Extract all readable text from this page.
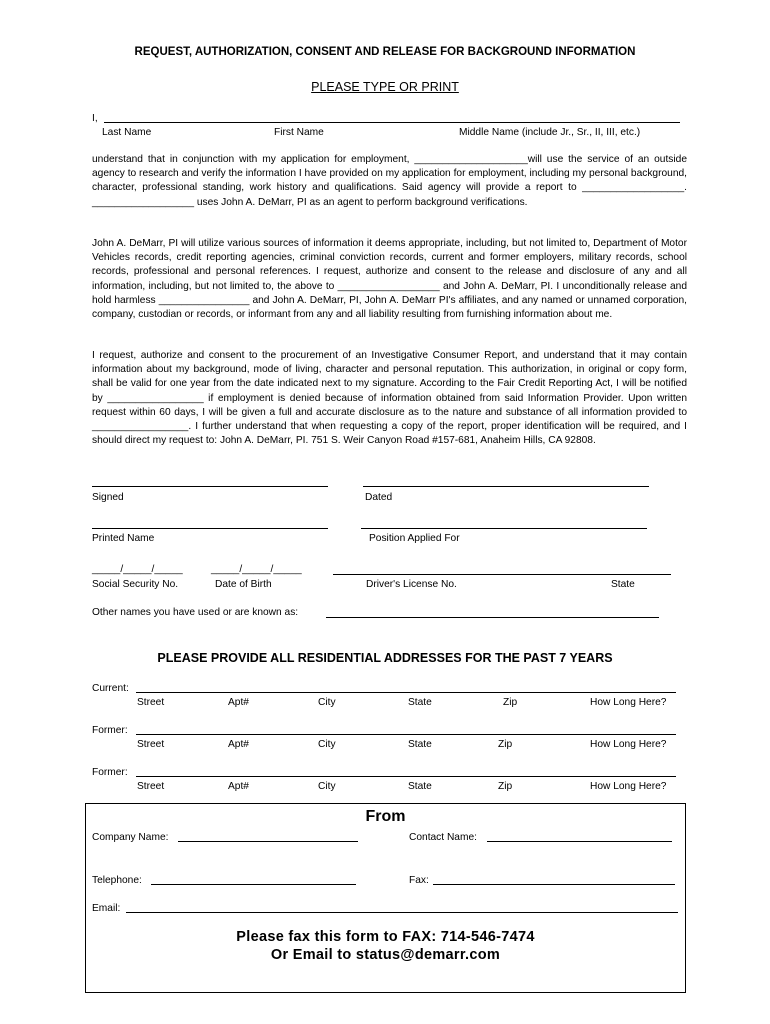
REQUEST, AUTHORIZATION, CONSENT AND RELEASE FOR BACKGROUND INFORMATION
PLEASE TYPE OR PRINT
I,
Last Name	First Name	Middle Name (include Jr., Sr., II, III, etc.)

understand that in conjunction with my application for employment, ____________________will use the service of an outside agency to research and verify the information I have provided on my application for employment, including my personal background, character, professional standing, work history and qualifications. Said agency will provide a report to __________________. __________________ uses John A. DeMarr, PI as an agent to perform background verifications.

John A. DeMarr, PI will utilize various sources of information it deems appropriate, including, but not limited to, Department of Motor Vehicles records, credit reporting agencies, criminal conviction records, current and former employers, military records, school records, professional and personal references. I request, authorize and consent to the release and disclosure of any and all information, including, but not limited to, the above to __________________ and John A. DeMarr, PI. I unconditionally release and hold harmless ________________ and John A. DeMarr, PI, John A. DeMarr PI's affiliates, and any named or unnamed corporation, company, custodian or records, or informant from any and all liability resulting from furnishing information about me.

I request, authorize and consent to the procurement of an Investigative Consumer Report, and understand that it may contain information about my background, mode of living, character and personal reputation. This authorization, in original or copy form, shall be valid for one year from the date indicated next to my signature. According to the Fair Credit Reporting Act, I will be notified by _________________ if employment is denied because of information obtained from said Information Provider. Upon written request within 60 days, I will be given a full and accurate disclosure as to the nature and substance of all information provided to _________________. I further understand that when requesting a copy of the report, proper identification will be required, and I should direct my request to: John A. DeMarr, PI. 751 S. Weir Canyon Road #157-681, Anaheim Hills, CA 92808.

Signed	Dated
Printed Name	Position Applied For
_____/_____/_____	_____/_____/_____
Social Security No.	Date of Birth	Driver's License No.	State
Other names you have used or are known as:
PLEASE PROVIDE ALL RESIDENTIAL ADDRESSES FOR THE PAST 7 YEARS
Current:
Street	Apt#	City	State	Zip	How Long Here?
Former:
Street	Apt#	City	State	Zip	How Long Here?
Former:
Street	Apt#	City	State	Zip	How Long Here?
From
Company Name:	Contact Name:
Telephone:	Fax:
Email:
Please fax this form to FAX: 714-546-7474
Or Email to status@demarr.com
